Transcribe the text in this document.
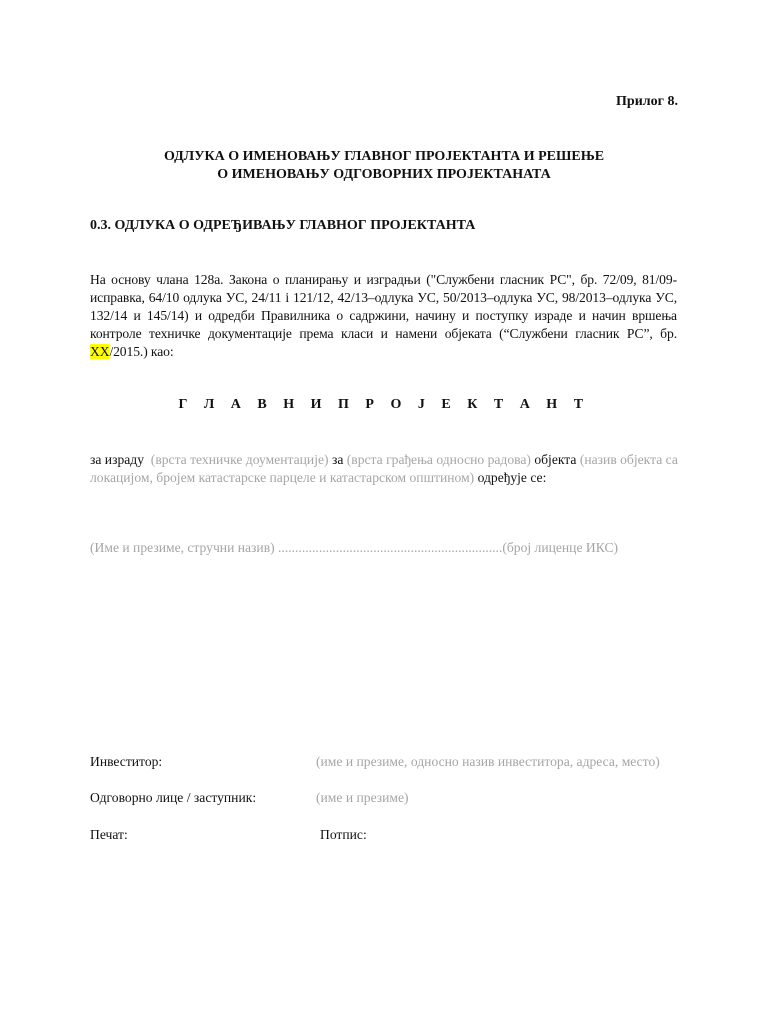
Прилог 8.
ОДЛУКА О ИМЕНОВАЊУ ГЛАВНОГ ПРОЈЕКТАНТА И РЕШЕЊЕ
О ИМЕНОВАЊУ ОДГОВОРНИХ ПРОЈЕКТАНАТА
0.3. ОДЛУКА О ОДРЕЂИВАЊУ ГЛАВНОГ ПРОЈЕКТАНТА
На основу члана 128а. Закона о планирању и изградњи ("Службени гласник РС", бр. 72/09, 81/09-исправка, 64/10 одлука УС, 24/11 i 121/12, 42/13–одлука УС, 50/2013–одлука УС, 98/2013–одлука УС, 132/14 и 145/14) и одредби Правилника о садржини, начину и поступку израде и начин вршења контроле техничке документације према класи и намени објеката (“Службени гласник РС”, бр. XX/2015.) као:
Г Л А В Н И П Р О Ј Е К Т А Н Т
за израду (врста техничке доументације) за (врста грађења односно радова) објекта (назив објекта са локацијом, бројем катастарске парцеле и катастарском општином) одређује се:
(Име и презиме, стручни назив) ..................................................................(број лиценце ИКС)
Инвеститор:	(име и презиме, односно назив инвеститора, адреса, место)
Одговорно лице / заступник:	(име и презиме)
Печат:	Потпис:
